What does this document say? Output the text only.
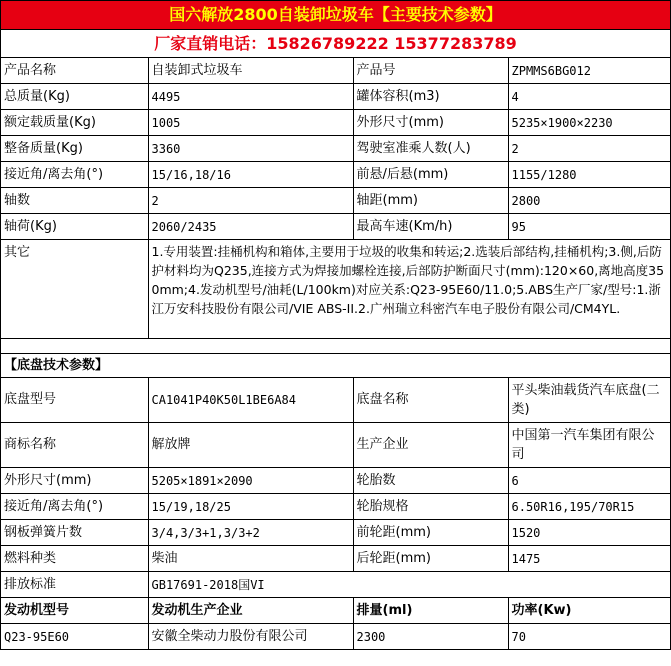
国六解放2800自装卸垃圾车【主要技术参数】
厂家直销电话：15826789222 15377283789
产品名称	自装卸式垃圾车	产品号	ZPMMS6BG012
总质量(Kg)	4495	罐体容积(m3)	4
额定载质量(Kg)	1005	外形尺寸(mm)	5235×1900×2230
整备质量(Kg)	3360	驾驶室准乘人数(人)	2
接近角/离去角(°)	15/16,18/16	前悬/后悬(mm)	1155/1280
轴数	2	轴距(mm)	2800
轴荷(Kg)	2060/2435	最高车速(Km/h)	95
其它	1.专用装置:挂桶机构和箱体,主要用于垃圾的收集和转运;2.选装后部结构,挂桶机构;3.侧,后防护材料均为Q235,连接方式为焊接加螺栓连接,后部防护断面尺寸(mm):120×60,离地高度350mm;4.发动机型号/油耗(L/100km)对应关系:Q23-95E60/11.0;5.ABS生产厂家/型号:1.浙江万安科技股份有限公司/VIE ABS-II.2.广州瑞立科密汽车电子股份有限公司/CM4YL.		

【底盘技术参数】			
底盘型号	CA1041P40K50L1BE6A84	底盘名称	平头柴油载货汽车底盘(二类)
商标名称	解放牌	生产企业	中国第一汽车集团有限公司
外形尺寸(mm)	5205×1891×2090	轮胎数	6
接近角/离去角(°)	15/19,18/25	轮胎规格	6.50R16,195/70R15
钢板弹簧片数	3/4,3/3+1,3/3+2	前轮距(mm)	1520
燃料种类	柴油	后轮距(mm)	1475
排放标准	GB17691-2018国VI		
发动机型号	发动机生产企业	排量(ml)	功率(Kw)
Q23-95E60	安徽全柴动力股份有限公司	2300	70
